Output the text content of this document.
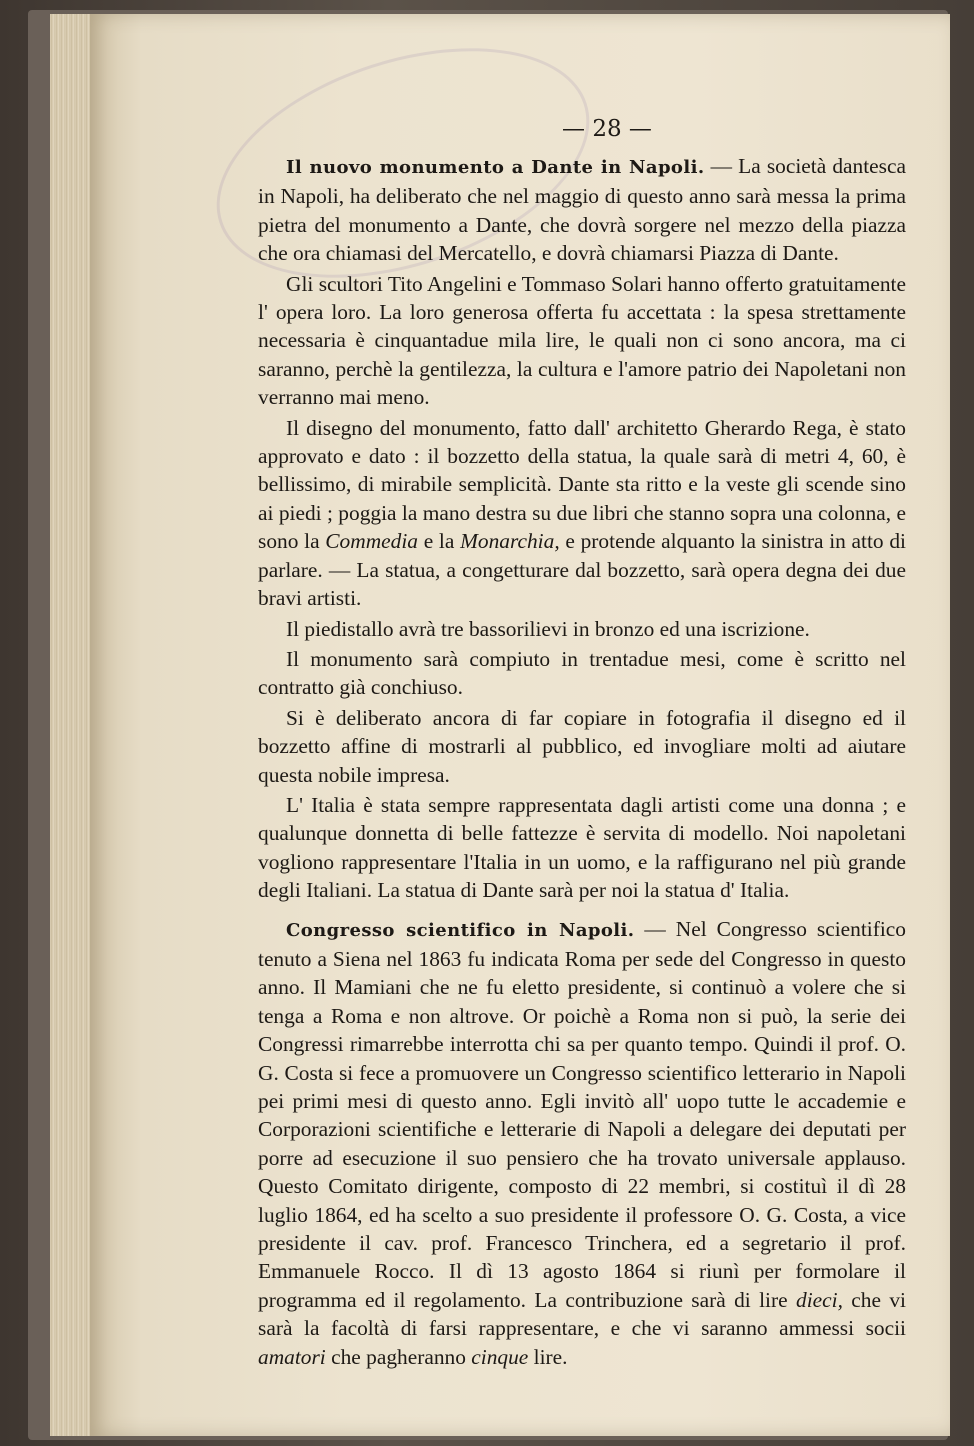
— 28 —

Il nuovo monumento a Dante in Napoli. — La società dantesca in Napoli, ha deliberato che nel maggio di questo anno sarà messa la prima pietra del monumento a Dante, che dovrà sorgere nel mezzo della piazza che ora chiamasi del Mercatello, e dovrà chiamarsi Piazza di Dante.

Gli scultori Tito Angelini e Tommaso Solari hanno offerto gratuitamente l' opera loro. La loro generosa offerta fu accettata : la spesa strettamente necessaria è cinquantadue mila lire, le quali non ci sono ancora, ma ci saranno, perchè la gentilezza, la cultura e l'amore patrio dei Napoletani non verranno mai meno.

Il disegno del monumento, fatto dall' architetto Gherardo Rega, è stato approvato e dato : il bozzetto della statua, la quale sarà di metri 4, 60, è bellissimo, di mirabile semplicità. Dante sta ritto e la veste gli scende sino ai piedi ; poggia la mano destra su due libri che stanno sopra una colonna, e sono la Commedia e la Monarchia, e protende alquanto la sinistra in atto di parlare. — La statua, a congetturare dal bozzetto, sarà opera degna dei due bravi artisti.

Il piedistallo avrà tre bassorilievi in bronzo ed una iscrizione.

Il monumento sarà compiuto in trentadue mesi, come è scritto nel contratto già conchiuso.

Si è deliberato ancora di far copiare in fotografia il disegno ed il bozzetto affine di mostrarli al pubblico, ed invogliare molti ad aiutare questa nobile impresa.

L' Italia è stata sempre rappresentata dagli artisti come una donna ; e qualunque donnetta di belle fattezze è servita di modello. Noi napoletani vogliono rappresentare l'Italia in un uomo, e la raffigurano nel più grande degli Italiani. La statua di Dante sarà per noi la statua d' Italia.

Congresso scientifico in Napoli. — Nel Congresso scientifico tenuto a Siena nel 1863 fu indicata Roma per sede del Congresso in questo anno. Il Mamiani che ne fu eletto presidente, si continuò a volere che si tenga a Roma e non altrove. Or poichè a Roma non si può, la serie dei Congressi rimarrebbe interrotta chi sa per quanto tempo. Quindi il prof. O. G. Costa si fece a promuovere un Congresso scientifico letterario in Napoli pei primi mesi di questo anno. Egli invitò all' uopo tutte le accademie e Corporazioni scientifiche e letterarie di Napoli a delegare dei deputati per porre ad esecuzione il suo pensiero che ha trovato universale applauso. Questo Comitato dirigente, composto di 22 membri, si costituì il dì 28 luglio 1864, ed ha scelto a suo presidente il professore O. G. Costa, a vice presidente il cav. prof. Francesco Trinchera, ed a segretario il prof. Emmanuele Rocco. Il dì 13 agosto 1864 si riunì per formolare il programma ed il regolamento. La contribuzione sarà di lire dieci, che vi sarà la facoltà di farsi rappresentare, e che vi saranno ammessi socii amatori che pagheranno cinque lire.
